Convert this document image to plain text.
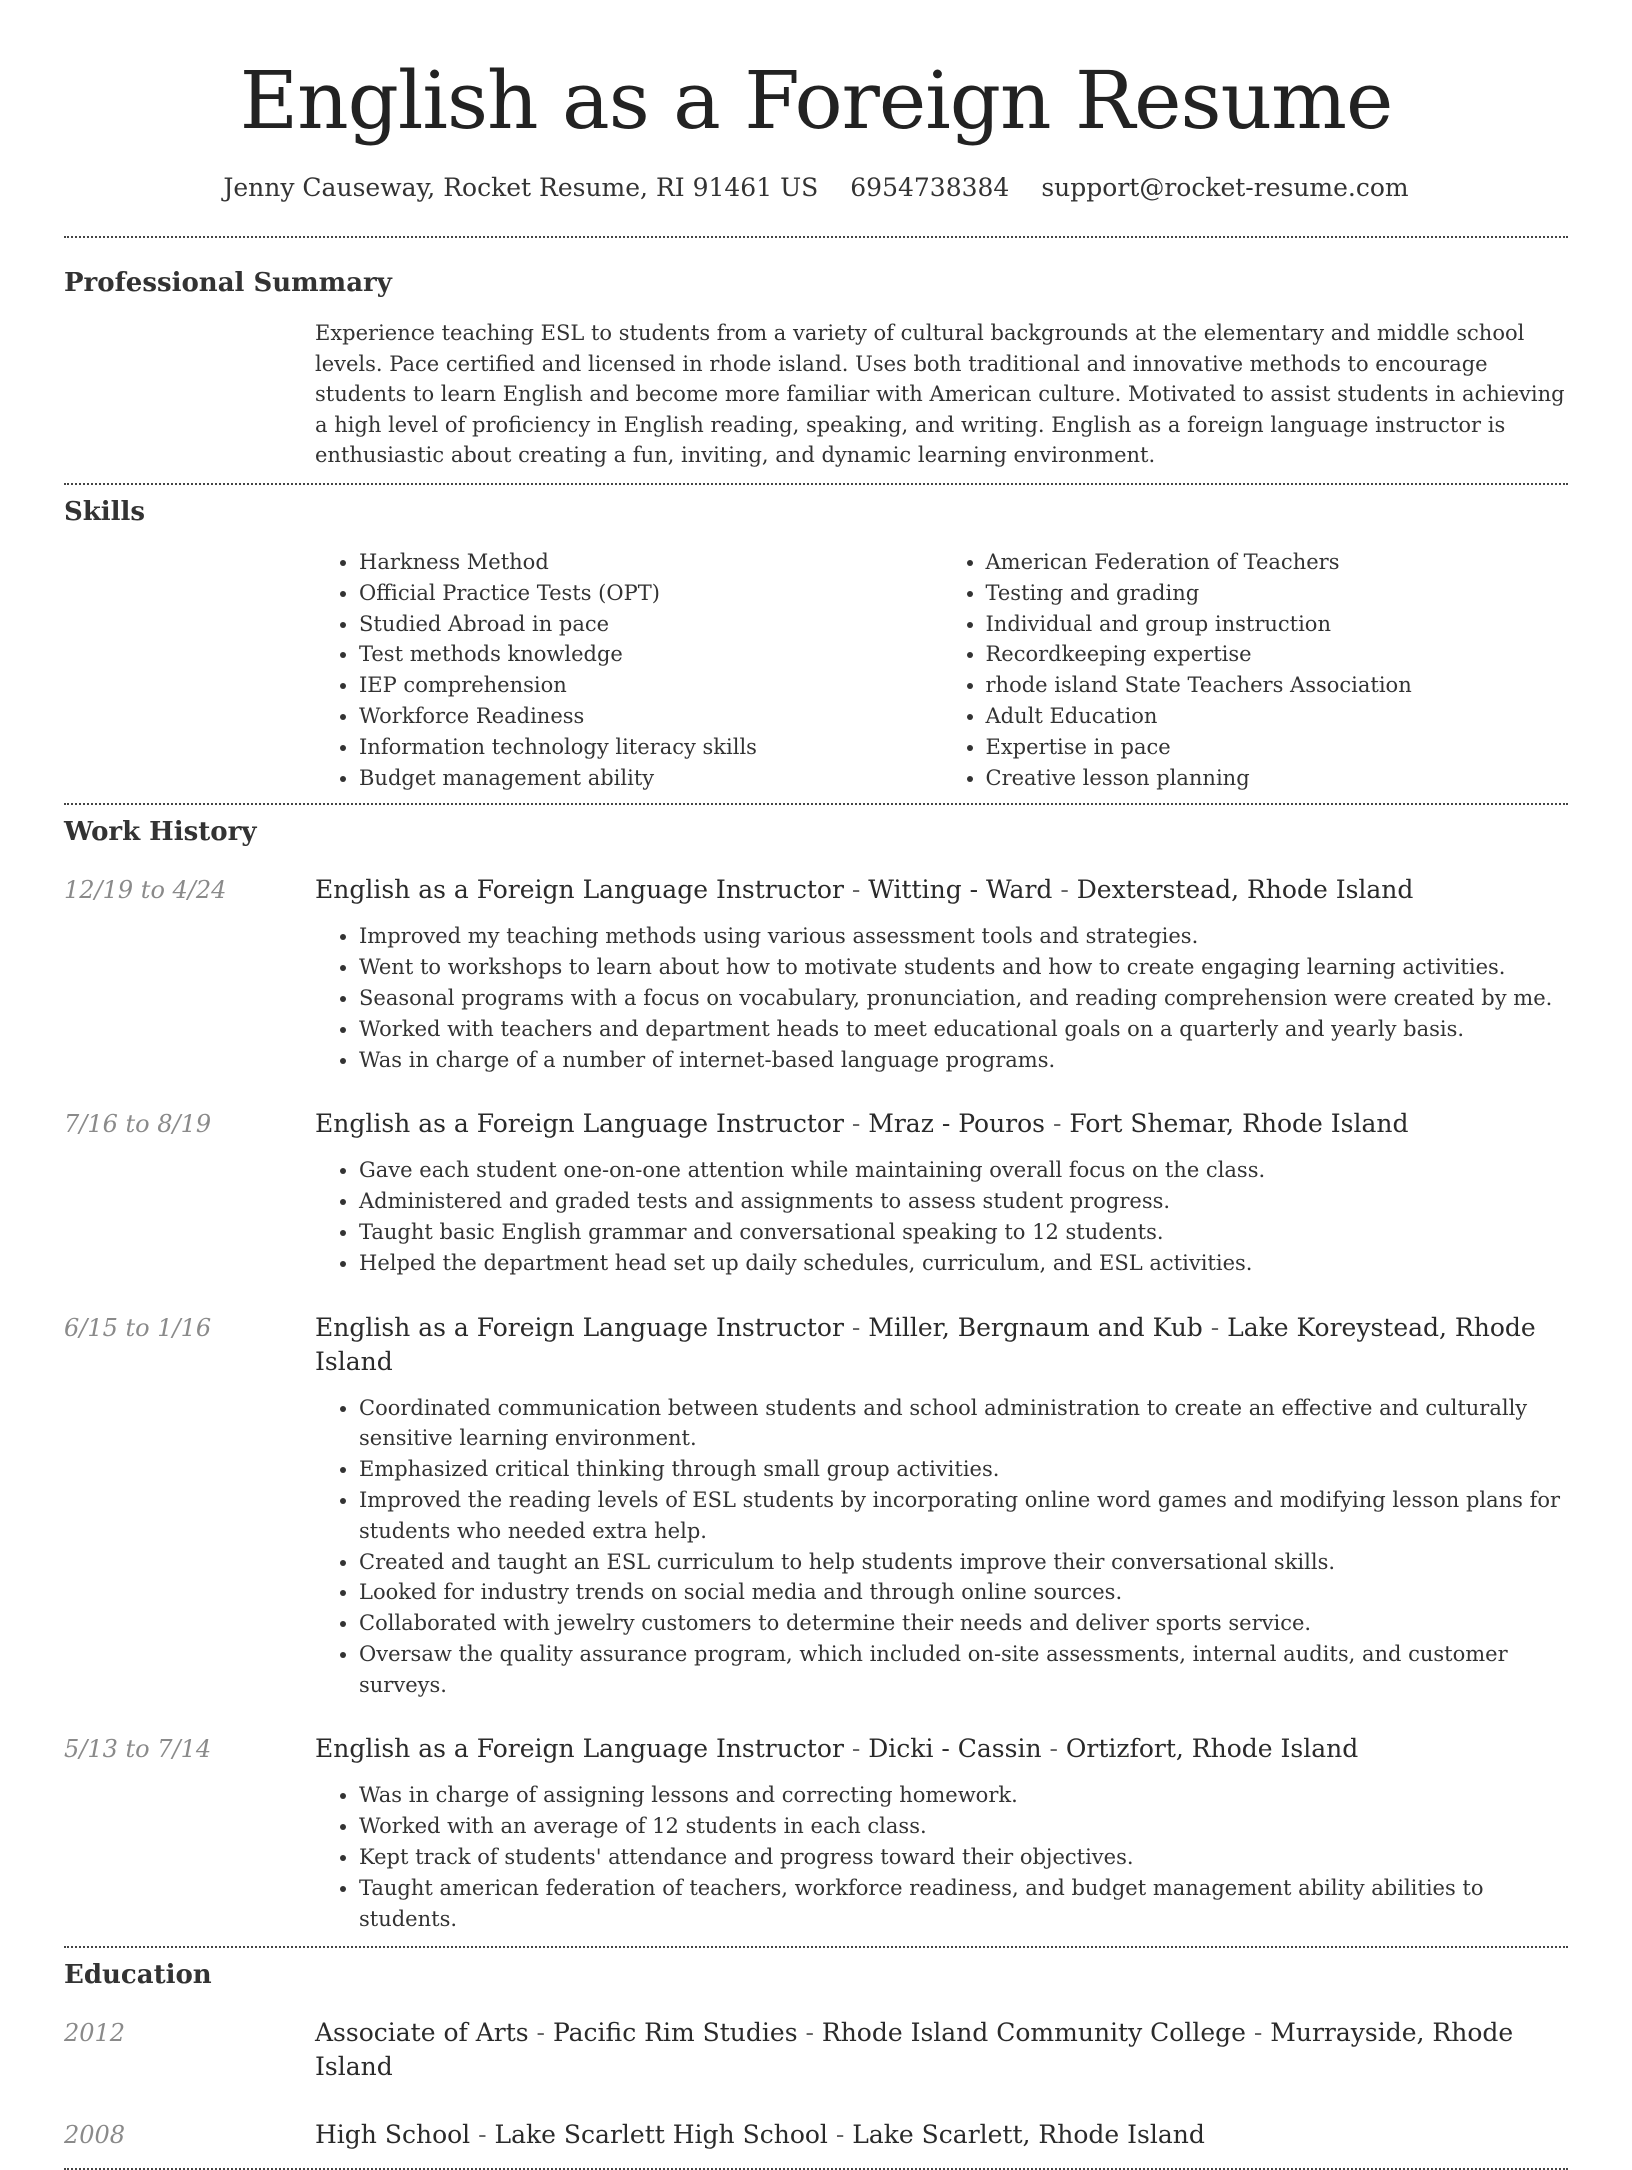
English as a Foreign Resume
Jenny Causeway, Rocket Resume, RI 91461 US 6954738384 support@rocket-resume.com
Professional Summary

Experience teaching ESL to students from a variety of cultural backgrounds at the elementary and middle school levels. Pace certified and licensed in rhode island. Uses both traditional and innovative methods to encourage students to learn English and become more familiar with American culture. Motivated to assist students in achieving a high level of proficiency in English reading, speaking, and writing. English as a foreign language instructor is enthusiastic about creating a fun, inviting, and dynamic learning environment.

Skills
• Harkness Method
• Official Practice Tests (OPT)
• Studied Abroad in pace
• Test methods knowledge
• IEP comprehension
• Workforce Readiness
• Information technology literacy skills
• Budget management ability
• American Federation of Teachers
• Testing and grading
• Individual and group instruction
• Recordkeeping expertise
• rhode island State Teachers Association
• Adult Education
• Expertise in pace
• Creative lesson planning
Work History
12/19 to 4/24	English as a Foreign Language Instructor - Witting - Ward - Dexterstead, Rhode Island
• Improved my teaching methods using various assessment tools and strategies.
• Went to workshops to learn about how to motivate students and how to create engaging learning activities.
• Seasonal programs with a focus on vocabulary, pronunciation, and reading comprehension were created by me.
• Worked with teachers and department heads to meet educational goals on a quarterly and yearly basis.
• Was in charge of a number of internet-based language programs.
7/16 to 8/19	English as a Foreign Language Instructor - Mraz - Pouros - Fort Shemar, Rhode Island
• Gave each student one-on-one attention while maintaining overall focus on the class.
• Administered and graded tests and assignments to assess student progress.
• Taught basic English grammar and conversational speaking to 12 students.
• Helped the department head set up daily schedules, curriculum, and ESL activities.
6/15 to 1/16	English as a Foreign Language Instructor - Miller, Bergnaum and Kub - Lake Koreystead, Rhode Island
• Coordinated communication between students and school administration to create an effective and culturally sensitive learning environment.
• Emphasized critical thinking through small group activities.
• Improved the reading levels of ESL students by incorporating online word games and modifying lesson plans for students who needed extra help.
• Created and taught an ESL curriculum to help students improve their conversational skills.
• Looked for industry trends on social media and through online sources.
• Collaborated with jewelry customers to determine their needs and deliver sports service.
• Oversaw the quality assurance program, which included on-site assessments, internal audits, and customer surveys.
5/13 to 7/14	English as a Foreign Language Instructor - Dicki - Cassin - Ortizfort, Rhode Island
• Was in charge of assigning lessons and correcting homework.
• Worked with an average of 12 students in each class.
• Kept track of students' attendance and progress toward their objectives.
• Taught american federation of teachers, workforce readiness, and budget management ability abilities to students.
Education
2012	Associate of Arts - Pacific Rim Studies - Rhode Island Community College - Murrayside, Rhode Island
2008	High School - Lake Scarlett High School - Lake Scarlett, Rhode Island
